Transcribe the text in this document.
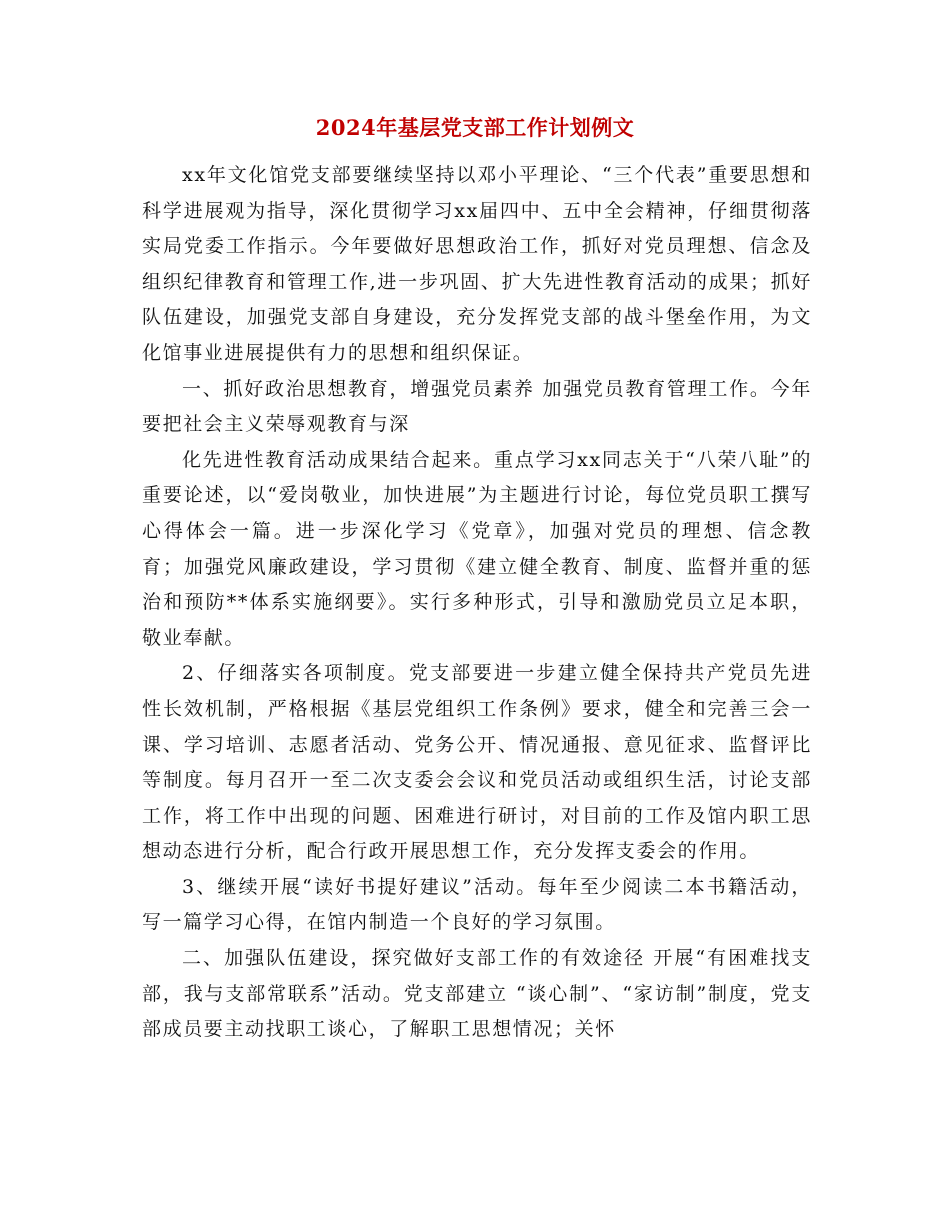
2024年基层党支部工作计划例文

xx年文化馆党支部要继续坚持以邓小平理论、“三个代表”重要思想和科学进展观为指导，深化贯彻学习xx届四中、五中全会精神，仔细贯彻落实局党委工作指示。今年要做好思想政治工作，抓好对党员理想、信念及组织纪律教育和管理工作,进一步巩固、扩大先进性教育活动的成果；抓好队伍建设，加强党支部自身建设，充分发挥党支部的战斗堡垒作用，为文化馆事业进展提供有力的思想和组织保证。

一、抓好政治思想教育，增强党员素养 加强党员教育管理工作。今年要把社会主义荣辱观教育与深

化先进性教育活动成果结合起来。重点学习xx同志关于“八荣八耻”的重要论述，以“爱岗敬业，加快进展”为主题进行讨论，每位党员职工撰写心得体会一篇。进一步深化学习《党章》，加强对党员的理想、信念教育；加强党风廉政建设，学习贯彻《建立健全教育、制度、监督并重的惩治和预防**体系实施纲要》。实行多种形式，引导和激励党员立足本职，敬业奉献。

2、仔细落实各项制度。党支部要进一步建立健全保持共产党员先进性长效机制，严格根据《基层党组织工作条例》要求，健全和完善三会一课、学习培训、志愿者活动、党务公开、情况通报、意见征求、监督评比等制度。每月召开一至二次支委会会议和党员活动或组织生活，讨论支部工作，将工作中出现的问题、困难进行研讨，对目前的工作及馆内职工思想动态进行分析，配合行政开展思想工作，充分发挥支委会的作用。

3、继续开展“读好书提好建议”活动。每年至少阅读二本书籍活动，写一篇学习心得，在馆内制造一个良好的学习氛围。

二、加强队伍建设，探究做好支部工作的有效途径 开展“有困难找支部，我与支部常联系”活动。党支部建立 “谈心制”、“家访制”制度，党支部成员要主动找职工谈心，了解职工思想情况；关怀
